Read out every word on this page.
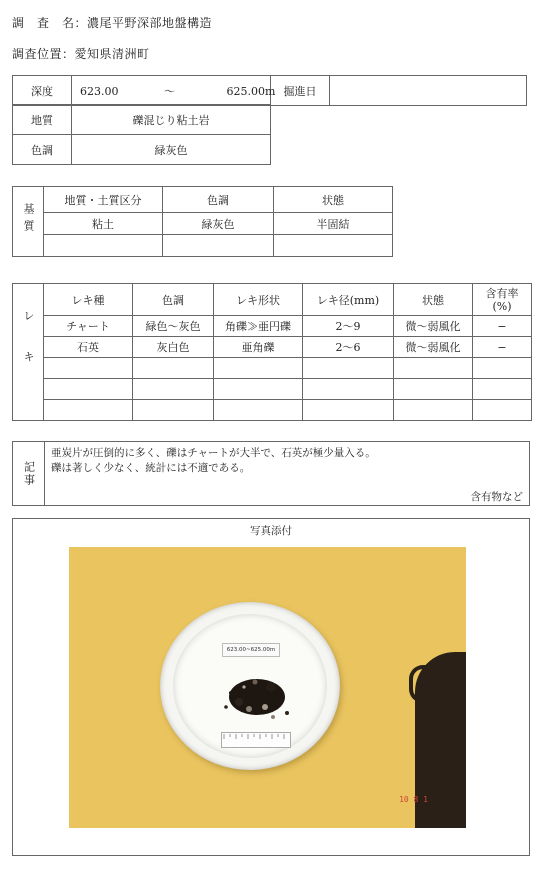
調　査　名：濃尾平野深部地盤構造
調査位置：愛知県清洲町
深度	623.00	〜	625.00m	掘進日	
地質	礫混じり粘土岩
色調	緑灰色
基質	地質・土質区分	色調	状態
	粘土	緑灰色	半固結

レキ	レキ種	色調	レキ形状	レキ径(mm)	状態	含有率
(%)
	チャート	緑色〜灰色	角礫≫亜円礫	2〜9	微〜弱風化	−
	石英	灰白色	亜角礫	2〜6	微〜弱風化	−

記事
亜炭片が圧倒的に多く、礫はチャートが大半で、石英が極少量入る。
礫は著しく少なく、統計には不適である。
含有物など
写真添付
623.00~625.00m
10 8 1
